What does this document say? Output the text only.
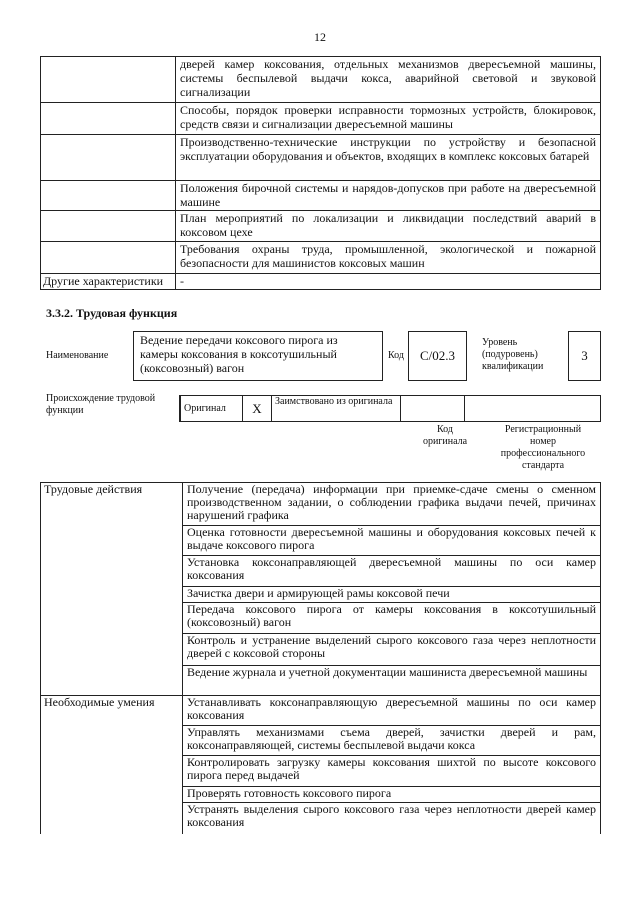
12
	дверей камер коксования, отдельных механизмов двересъемной машины, системы беспылевой выдачи кокса, аварийной световой и звуковой сигнализации
	Способы, порядок проверки исправности тормозных устройств, блокировок, средств связи и сигнализации двересъемной машины
	Производственно-технические инструкции по устройству и безопасной эксплуатации оборудования и объектов, входящих в комплекс коксовых батарей
	Положения бирочной системы и нарядов-допусков при работе на двересъемной машине
	План мероприятий по локализации и ликвидации последствий аварий в коксовом цехе
	Требования охраны труда, промышленной, экологической и пожарной безопасности для машинистов коксовых машин
Другие характеристики	-
3.3.2. Трудовая функция
Наименование
Ведение передачи коксового пирога из камеры коксования в коксотушильный (коксовозный) вагон
Код	C/02.3
Уровень (подуровень) квалификации
3
Происхождение трудовой функции	Оригинал	X	Заимствовано из оригинала		
Код оригинала
Регистрационный номер профессионального стандарта
Трудовые действия	Получение (передача) информации при приемке-сдаче смены о сменном производственном задании, о соблюдении графика выдачи печей, причинах нарушений графика
	Оценка готовности двересъемной машины и оборудования коксовых печей к выдаче коксового пирога
	Установка коксонаправляющей двересъемной машины по оси камер коксования
	Зачистка двери и армирующей рамы коксовой печи
	Передача коксового пирога от камеры коксования в коксотушильный (коксовозный) вагон
	Контроль и устранение выделений сырого коксового газа через неплотности дверей с коксовой стороны
	Ведение журнала и учетной документации машиниста двересъемной машины
Необходимые умения	Устанавливать коксонаправляющую двересъемной машины по оси камер коксования
	Управлять механизмами съема дверей, зачистки дверей и рам, коксонаправляющей, системы беспылевой выдачи кокса
	Контролировать загрузку камеры коксования шихтой по высоте коксового пирога перед выдачей
	Проверять готовность коксового пирога
	Устранять выделения сырого коксового газа через неплотности дверей камер коксования
